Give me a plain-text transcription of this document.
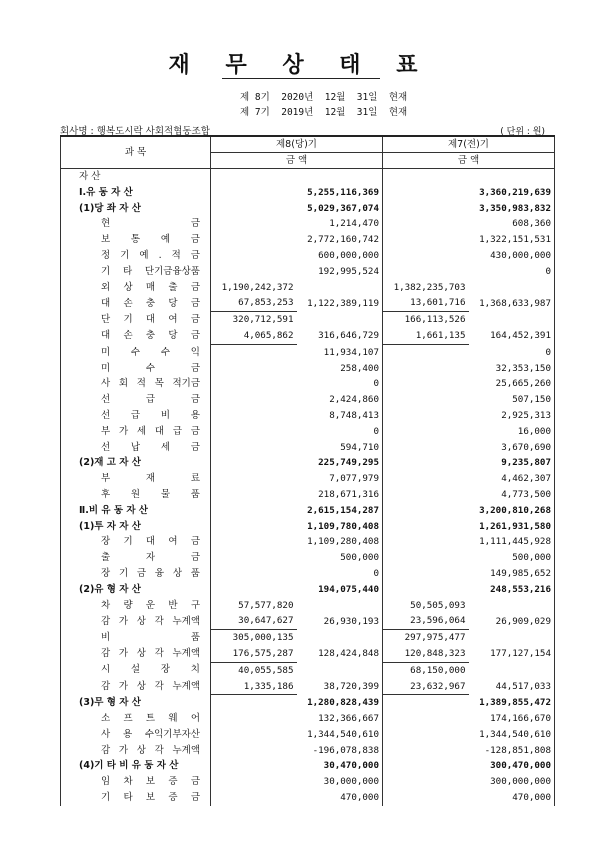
재 무 상 태 표
제 8기  2020년  12월  31일  현재
제 7기  2019년  12월  31일  현재
회사명 : 행복도시락 사회적협동조합	( 단위 : 원)
과 목	제8(당)기		제7(전)기	
	금 액		금 액	
자 산				
Ⅰ.유 동 자 산		5,255,116,369		3,360,219,639
(1)당 좌 자 산		5,029,367,074		3,350,983,832
현 금		1,214,470		608,360
보 통 예 금		2,772,160,742		1,322,151,531
정 기 예 . 적 금		600,000,000		430,000,000
기 타 단기금융상품		192,995,524		0
외 상 매 출 금	1,190,242,372		1,382,235,703	
대 손 충 당 금	67,853,253	1,122,389,119	13,601,716	1,368,633,987
단 기 대 여 금	320,712,591		166,113,526	
대 손 충 당 금	4,065,862	316,646,729	1,661,135	164,452,391
미 수 수 익		11,934,107		0
미 수 금		258,400		32,353,150
사 회 적 목 적기금		0		25,665,260
선 급 금		2,424,860		507,150
선 급 비 용		8,748,413		2,925,313
부 가 세 대 급 금		0		16,000
선 납 세 금		594,710		3,670,690
(2)재 고 자 산		225,749,295		9,235,807
부 재 료		7,077,979		4,462,307
후 원 물 품		218,671,316		4,773,500
Ⅱ.비 유 동 자 산		2,615,154,287		3,200,810,268
(1)투 자 자 산		1,109,780,408		1,261,931,580
장 기 대 여 금		1,109,280,408		1,111,445,928
출 자 금		500,000		500,000
장 기 금 융 상 품		0		149,985,652
(2)유 형 자 산		194,075,440		248,553,216
차 량 운 반 구	57,577,820		50,505,093	
감 가 상 각 누계액	30,647,627	26,930,193	23,596,064	26,909,029
비 품	305,000,135		297,975,477	
감 가 상 각 누계액	176,575,287	128,424,848	120,848,323	177,127,154
시 설 장 치	40,055,585		68,150,000	
감 가 상 각 누계액	1,335,186	38,720,399	23,632,967	44,517,033
(3)무 형 자 산		1,280,828,439		1,389,855,472
소 프 트 웨 어		132,366,667		174,166,670
사 용 수익기부자산		1,344,540,610		1,344,540,610
감 가 상 각 누계액		-196,078,838		-128,851,808
(4)기 타 비 유 동 자 산		30,470,000		300,470,000
임 차 보 증 금		30,000,000		300,000,000
기 타 보 증 금		470,000		470,000
